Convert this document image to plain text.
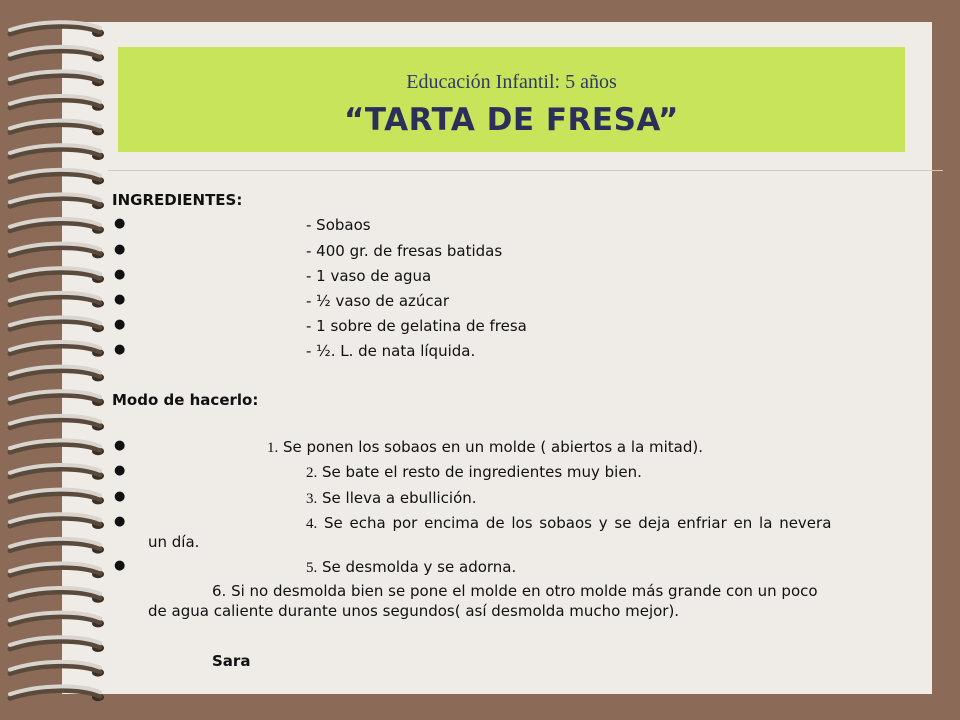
Educación Infantil: 5 años
“TARTA DE FRESA”
INGREDIENTES:
●	- Sobaos
●	- 400 gr. de fresas batidas
●	- 1 vaso de agua
●	- ½ vaso de azúcar
●	- 1 sobre de gelatina de fresa
●	- ½. L. de nata líquida.
Modo de hacerlo:
●	1. Se ponen los sobaos en un molde ( abiertos a la mitad).
●	2. Se bate el resto de ingredientes muy bien.
●	3. Se lleva a ebullición.
●	4. Se echa por encima de los sobaos y se deja enfriar en la nevera
un día.
●	5. Se desmolda y se adorna.
6. Si no desmolda bien se pone el molde en otro molde más grande con un poco
de agua caliente durante unos segundos( así desmolda mucho mejor).
Sara
